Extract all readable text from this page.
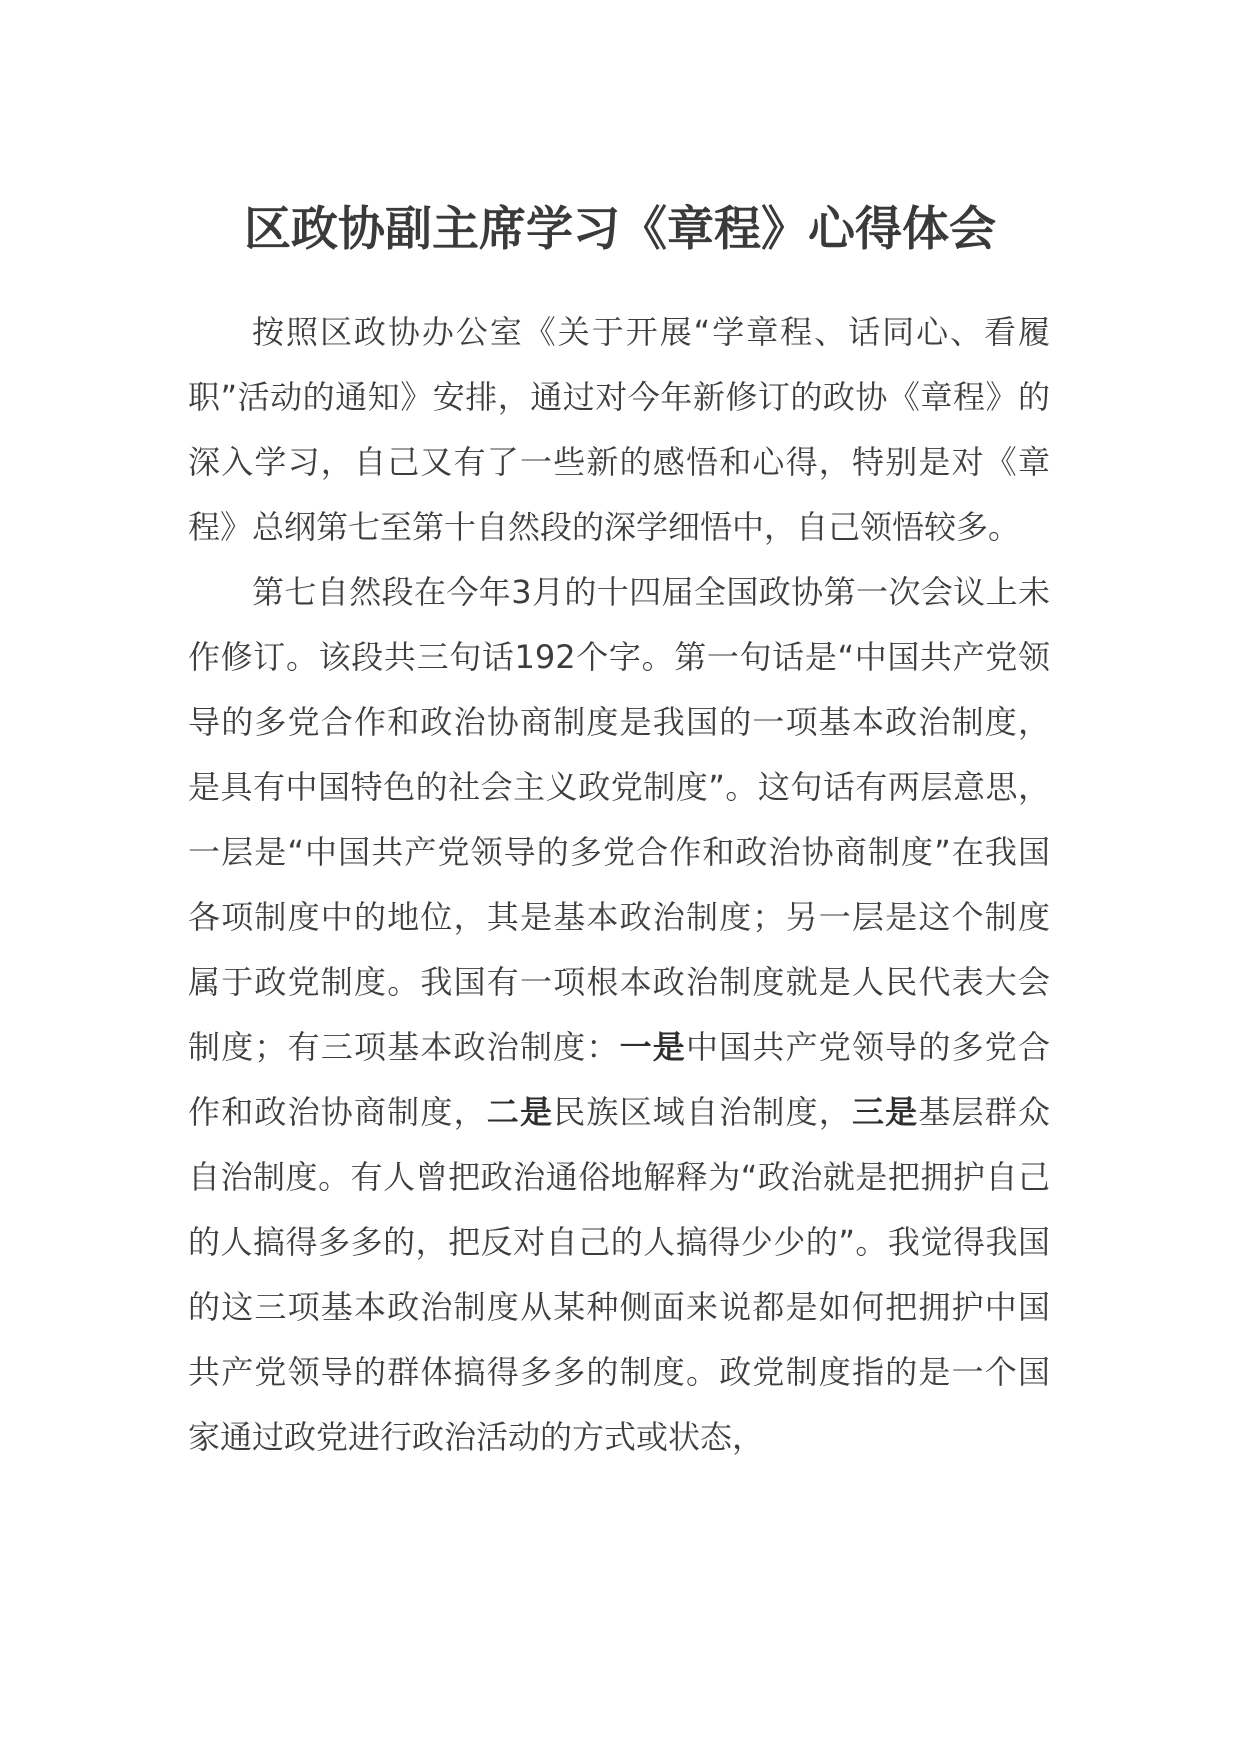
区政协副主席学习《章程》心得体会

按照区政协办公室《关于开展“学章程、话同心、看履职”活动的通知》安排，通过对今年新修订的政协《章程》的深入学习，自己又有了一些新的感悟和心得，特别是对《章程》总纲第七至第十自然段的深学细悟中，自己领悟较多。

第七自然段在今年3月的十四届全国政协第一次会议上未作修订。该段共三句话192个字。第一句话是“中国共产党领导的多党合作和政治协商制度是我国的一项基本政治制度，是具有中国特色的社会主义政党制度”。这句话有两层意思，一层是“中国共产党领导的多党合作和政治协商制度”在我国各项制度中的地位，其是基本政治制度；另一层是这个制度属于政党制度。我国有一项根本政治制度就是人民代表大会制度；有三项基本政治制度：一是中国共产党领导的多党合作和政治协商制度，二是民族区域自治制度，三是基层群众自治制度。有人曾把政治通俗地解释为“政治就是把拥护自己的人搞得多多的，把反对自己的人搞得少少的”。我觉得我国的这三项基本政治制度从某种侧面来说都是如何把拥护中国共产党领导的群体搞得多多的制度。政党制度指的是一个国家通过政党进行政治活动的方式或状态，
